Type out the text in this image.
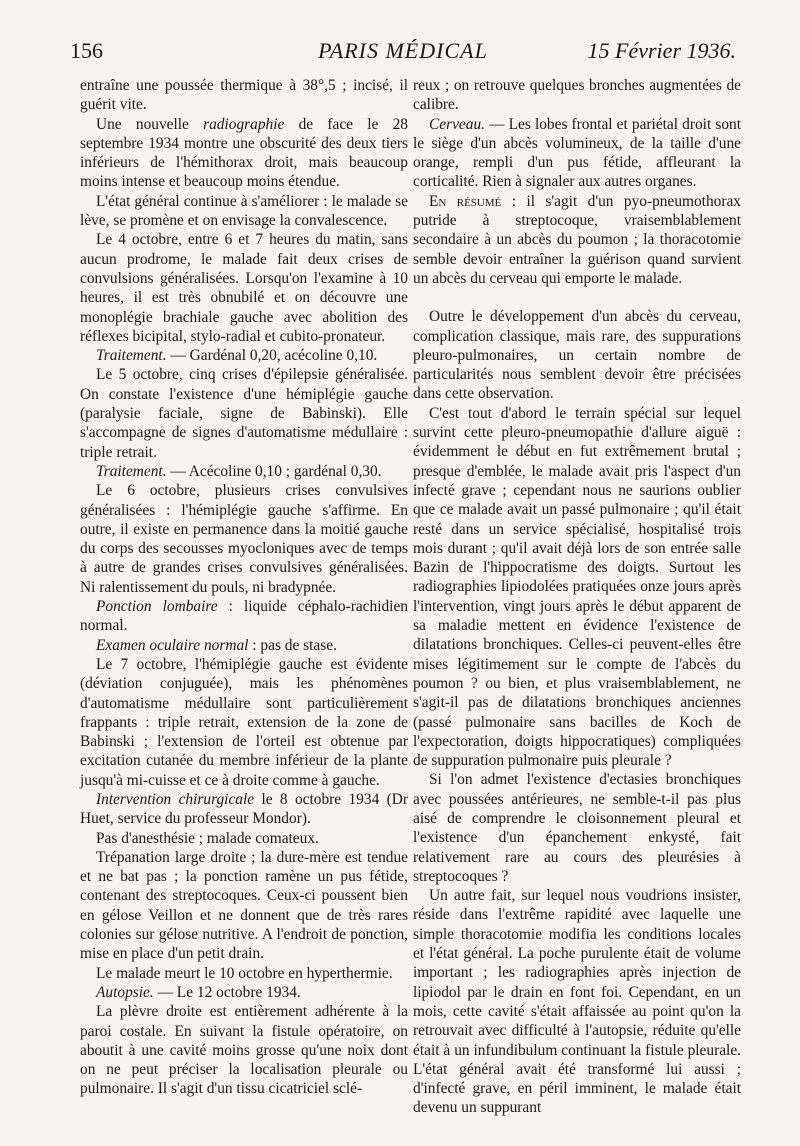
156	PARIS MÉDICAL	15 Février 1936.

entraîne une poussée thermique à 38°,5 ; incisé, il guérit vite.

Une nouvelle radiographie de face le 28 septembre 1934 montre une obscurité des deux tiers inférieurs de l'hémithorax droit, mais beaucoup moins intense et beaucoup moins étendue.

L'état général continue à s'améliorer : le malade se lève, se promène et on envisage la convalescence.

Le 4 octobre, entre 6 et 7 heures du matin, sans aucun prodrome, le malade fait deux crises de convulsions généralisées. Lorsqu'on l'examine à 10 heures, il est très obnubilé et on découvre une monoplégie brachiale gauche avec abolition des réflexes bicipital, stylo-radial et cubito-pronateur.

Traitement. — Gardénal 0,20, acécoline 0,10.

Le 5 octobre, cinq crises d'épilepsie généralisée. On constate l'existence d'une hémiplégie gauche (paralysie faciale, signe de Babinski). Elle s'accompagne de signes d'automatisme médullaire : triple retrait.

Traitement. — Acécoline 0,10 ; gardénal 0,30.

Le 6 octobre, plusieurs crises convulsives généralisées : l'hémiplégie gauche s'affirme. En outre, il existe en permanence dans la moitié gauche du corps des secousses myocloniques avec de temps à autre de grandes crises convulsives généralisées. Ni ralentissement du pouls, ni bradypnée.

Ponction lombaire : liquide céphalo-rachidien normal.

Examen oculaire normal : pas de stase.

Le 7 octobre, l'hémiplégie gauche est évidente (déviation conjuguée), mais les phénomènes d'automatisme médullaire sont particulièrement frappants : triple retrait, extension de la zone de Babinski ; l'extension de l'orteil est obtenue par excitation cutanée du membre inférieur de la plante jusqu'à mi-cuisse et ce à droite comme à gauche.

Intervention chirurgicale le 8 octobre 1934 (Dr Huet, service du professeur Mondor).

Pas d'anesthésie ; malade comateux.

Trépanation large droite ; la dure-mère est tendue et ne bat pas ; la ponction ramène un pus fétide, contenant des streptocoques. Ceux-ci poussent bien en gélose Veillon et ne donnent que de très rares colonies sur gélose nutritive. A l'endroit de ponction, mise en place d'un petit drain.

Le malade meurt le 10 octobre en hyperthermie.

Autopsie. — Le 12 octobre 1934.

La plèvre droite est entièrement adhérente à la paroi costale. En suivant la fistule opératoire, on aboutit à une cavité moins grosse qu'une noix dont on ne peut préciser la localisation pleurale ou pulmonaire. Il s'agit d'un tissu cicatriciel sclé-

reux ; on retrouve quelques bronches augmentées de calibre.

Cerveau. — Les lobes frontal et pariétal droit sont le siège d'un abcès volumineux, de la taille d'une orange, rempli d'un pus fétide, affleurant la corticalité. Rien à signaler aux autres organes.

En résumé : il s'agit d'un pyo-pneumothorax putride à streptocoque, vraisemblablement secondaire à un abcès du poumon ; la thoracotomie semble devoir entraîner la guérison quand survient un abcès du cerveau qui emporte le malade.

Outre le développement d'un abcès du cerveau, complication classique, mais rare, des suppurations pleuro-pulmonaires, un certain nombre de particularités nous semblent devoir être précisées dans cette observation.

C'est tout d'abord le terrain spécial sur lequel survint cette pleuro-pneumopathie d'allure aiguë : évidemment le début en fut extrêmement brutal ; presque d'emblée, le malade avait pris l'aspect d'un infecté grave ; cependant nous ne saurions oublier que ce malade avait un passé pulmonaire ; qu'il était resté dans un service spécialisé, hospitalisé trois mois durant ; qu'il avait déjà lors de son entrée salle Bazin de l'hippocratisme des doigts. Surtout les radiographies lipiodolées pratiquées onze jours après l'intervention, vingt jours après le début apparent de sa maladie mettent en évidence l'existence de dilatations bronchiques. Celles-ci peuvent-elles être mises légitimement sur le compte de l'abcès du poumon ? ou bien, et plus vraisemblablement, ne s'agit-il pas de dilatations bronchiques anciennes (passé pulmonaire sans bacilles de Koch de l'expectoration, doigts hippocratiques) compliquées de suppuration pulmonaire puis pleurale ?

Si l'on admet l'existence d'ectasies bronchiques avec poussées antérieures, ne semble-t-il pas plus aisé de comprendre le cloisonnement pleural et l'existence d'un épanchement enkysté, fait relativement rare au cours des pleurésies à streptocoques ?

Un autre fait, sur lequel nous voudrions insister, réside dans l'extrême rapidité avec laquelle une simple thoracotomie modifia les conditions locales et l'état général. La poche purulente était de volume important ; les radiographies après injection de lipiodol par le drain en font foi. Cependant, en un mois, cette cavité s'était affaissée au point qu'on la retrouvait avec difficulté à l'autopsie, réduite qu'elle était à un infundibulum continuant la fistule pleurale. L'état général avait été transformé lui aussi ; d'infecté grave, en péril imminent, le malade était devenu un suppurant
